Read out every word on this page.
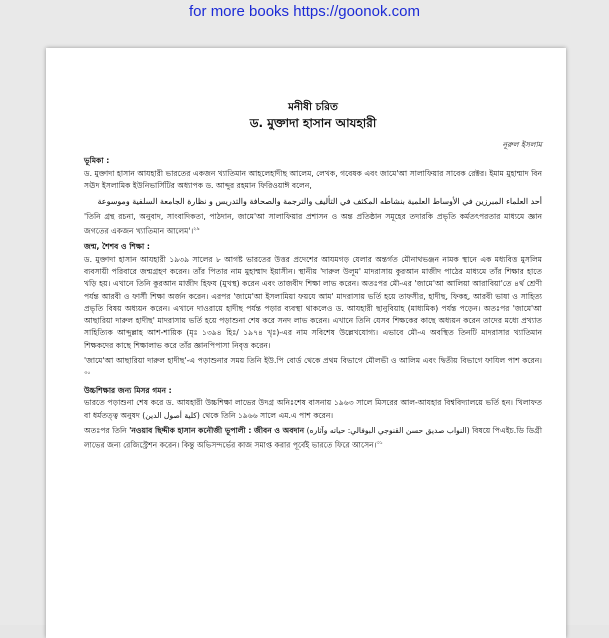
for more books https://goonok.com
মনীষী চরিত
ড. মুক্তাদা হাসান আযহারী
নূরুল ইসলাম
ভূমিকা :
ড. মুক্তাদা হাসান আযহারী ভারতের একজন খ্যাতিমান আহলেহাদীছ আলেম, লেখক, গবেষক এবং জামে'আ সালাফিয়ার সাবেক রেক্টর। ইমাম মুহাম্মাদ বিন সঊদ ইসলামিক ইউনিভার্সিটির অধ্যাপক ড. আব্দুর রহমান ফিরিওয়াঈ বলেন,
أحد العلماء المبرزين في الأوساط العلمية بنشاطه المكثف في التأليف والترجمة والصحافة والتدريس و نظارة الجامعة السلفية وموسوعة
'তিনি গ্রন্থ রচনা, অনুবাদ, সাংবাদিকতা, পাঠদান, জামে'আ সালাফিয়ার প্রশাসন ও অন্ত প্রতিষ্ঠান সমূহের তদারকি প্রভৃতি কর্মতৎপরতার মাধ্যমে জ্ঞান জগতের একজন খ্যাতিমান আলেম'।$^{২৯}$
জন্ম, শৈশব ও শিক্ষা :
ড. মুক্তাদা হাসান আযহারী ১৯৩৯ সালের ৮ আগষ্ট ভারতের উত্তর প্রদেশের আযমগড় যেলার অন্তর্গত মৌনাথভঞ্জন নামক স্থানে এক মধ্যবিত্ত মুসলিম ব্যবসায়ী পরিবারে জন্মগ্রহণ করেন। তাঁর পিতার নাম মুহাম্মাদ ইয়াসীন। স্থানীয় 'দারুল উলূম' মাদরাসায় কুরআন মাজীদ পাঠের মাধ্যমে তাঁর শিক্ষার হাতে খড়ি হয়। এখানে তিনি কুরআন মাজীদ হিফয (মুখস্থ) করেন এবং তাজবীদ শিক্ষা লাভ করেন। অতঃপর মৌ-এর 'জামে'আ আলিয়া আরাবিয়া'তে ৪র্থ শ্রেণী পর্যন্ত আরবী ও ফার্সী শিক্ষা অর্জন করেন। এরপর 'জামে'আ ইসলামিয়া ফয়যে আম' মাদরাসায় ভর্তি হয়ে তাফসীর, হাদীছ, ফিকহ, আরবী ভাষা ও সাহিত্য প্রভৃতি বিষয় অধ্যয়ন করেন। এখানে দাওরায়ে হাদীছ পর্যন্ত পড়ার ব্যবস্থা থাকলেও ড. আযহারী ছানুবিয়াহ (মাধ্যমিক) পর্যন্ত পড়েন। অতঃপর 'জামে'আ আছারিয়া দারুল হাদীছ' মাদরাসায় ভর্তি হয়ে পড়াশুনা শেষ করে সনদ লাভ করেন। এখানে তিনি যেসব শিক্ষকের কাছে অধ্যয়ন করেন তাদের মধ্যে প্রখ্যাত সাহিত্যিক আব্দুল্লাহ আশ-শায়িক (মৃঃ ১৩৯৪ হিঃ/ ১৯৭৪ খৃঃ)-এর নাম সবিশেষ উল্লেখযোগ্য। এভাবে মৌ-এ অবস্থিত তিনটি মাদরাসার খ্যাতিমান শিক্ষকদের কাছে শিক্ষালাভ করে তাঁর জ্ঞানপিপাসা নিবৃত্ত করেন।
'জামে'আ আছারিয়া দারুল হাদীছ'-এ পড়াশুনার সময় তিনি ইউ.পি বোর্ড থেকে প্রথম বিভাগে মৌলভী ও আলিম এবং দ্বিতীয় বিভাগে ফাযিল পাশ করেন।$^{৩০}$
উচ্চশিক্ষার জন্য মিসর গমন :
ভারতে পড়াশুনা শেষ করে ড. আযহারী উচ্চশিক্ষা লাভের উদগ্র অনিঃশেষ বাসনায় ১৯৬৩ সালে মিসরের আল-আযহার বিশ্ববিদ্যালয়ে ভর্তি হন। খিলাফত বা ধর্মতত্ত্ব অনুষদ (كلية أصول الدين) থেকে তিনি ১৯৬৬ সালে এম.এ পাশ করেন।
অতঃপর তিনি 'নওয়াব ছিদ্দীক হাসান কনৌজী ভূপালী : জীবন ও অবদান (النواب صديق حسن القنوجي البوفالي: حياته وآثاره) বিষয়ে পিএইচ.ডি ডিগ্রী লাভের জন্য রেজিস্ট্রেশন করেন। কিন্তু অভিসন্দর্ভের কাজ সমাপ্ত করার পূর্বেই ভারতে ফিরে আসেন।$^{৩১}$
